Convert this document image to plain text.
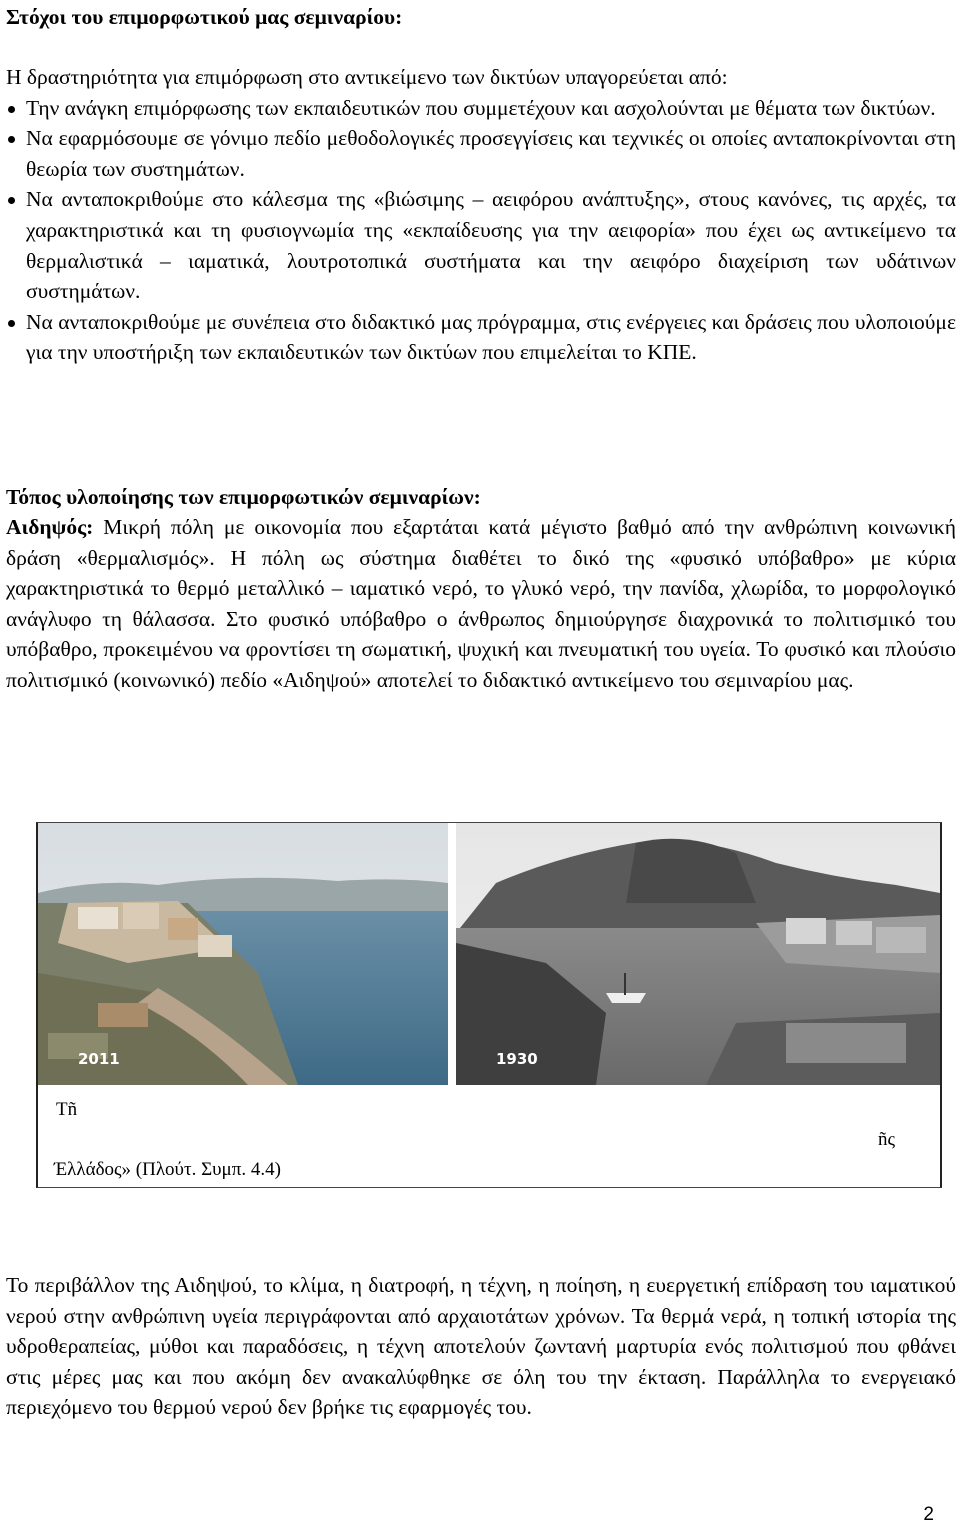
Στόχοι του επιμορφωτικού μας σεμιναρίου:

Η δραστηριότητα για επιμόρφωση στο αντικείμενο των δικτύων υπαγορεύεται από:

Την ανάγκη επιμόρφωσης των εκπαιδευτικών που συμμετέχουν και ασχολούνται με θέματα των δικτύων.
Να εφαρμόσουμε σε γόνιμο πεδίο μεθοδολογικές προσεγγίσεις και τεχνικές οι οποίες ανταποκρίνονται στη θεωρία των συστημάτων.
Να ανταποκριθούμε στο κάλεσμα της «βιώσιμης – αειφόρου ανάπτυξης», στους κανόνες, τις αρχές, τα χαρακτηριστικά και τη φυσιογνωμία της «εκπαίδευσης για την αειφορία» που έχει ως αντικείμενο τα θερμαλιστικά – ιαματικά, λουτροτοπικά συστήματα και την αειφόρο διαχείριση των υδάτινων συστημάτων.
Να ανταποκριθούμε με συνέπεια στο διδακτικό μας πρόγραμμα, στις ενέργειες και δράσεις που υλοποιούμε για την υποστήριξη των εκπαιδευτικών των δικτύων που επιμελείται το ΚΠΕ.
Τόπος υλοποίησης των επιμορφωτικών σεμιναρίων:

Αιδηψός: Μικρή πόλη με οικονομία που εξαρτάται κατά μέγιστο βαθμό από την ανθρώπινη κοινωνική δράση «θερμαλισμός». Η πόλη ως σύστημα διαθέτει το δικό της «φυσικό υπόβαθρο» με κύρια χαρακτηριστικά το θερμό μεταλλικό – ιαματικό νερό, το γλυκό νερό, την πανίδα, χλωρίδα, το μορφολογικό ανάγλυφο τη θάλασσα. Στο φυσικό υπόβαθρο ο άνθρωπος δημιούργησε διαχρονικά το πολιτισμικό του υπόβαθρο, προκειμένου να φροντίσει τη σωματική, ψυχική και πνευματική του υγεία. Το φυσικό και πλούσιο πολιτισμικό (κοινωνικό) πεδίο «Αιδηψού» αποτελεί το διδακτικό αντικείμενο του σεμιναρίου μας.

2011	1930
Τñ
ñς
Έλλάδος» (Πλούτ. Συμπ. 4.4)

Το περιβάλλον της Αιδηψού, το κλίμα, η διατροφή, η τέχνη, η ποίηση, η ευεργετική επίδραση του ιαματικού νερού στην ανθρώπινη υγεία περιγράφονται από αρχαιοτάτων χρόνων. Τα θερμά νερά, η τοπική ιστορία της υδροθεραπείας, μύθοι και παραδόσεις, η τέχνη αποτελούν ζωντανή μαρτυρία ενός πολιτισμού που φθάνει στις μέρες μας και που ακόμη δεν ανακαλύφθηκε σε όλη του την έκταση. Παράλληλα το ενεργειακό περιεχόμενο του θερμού νερού δεν βρήκε τις εφαρμογές του.

2
